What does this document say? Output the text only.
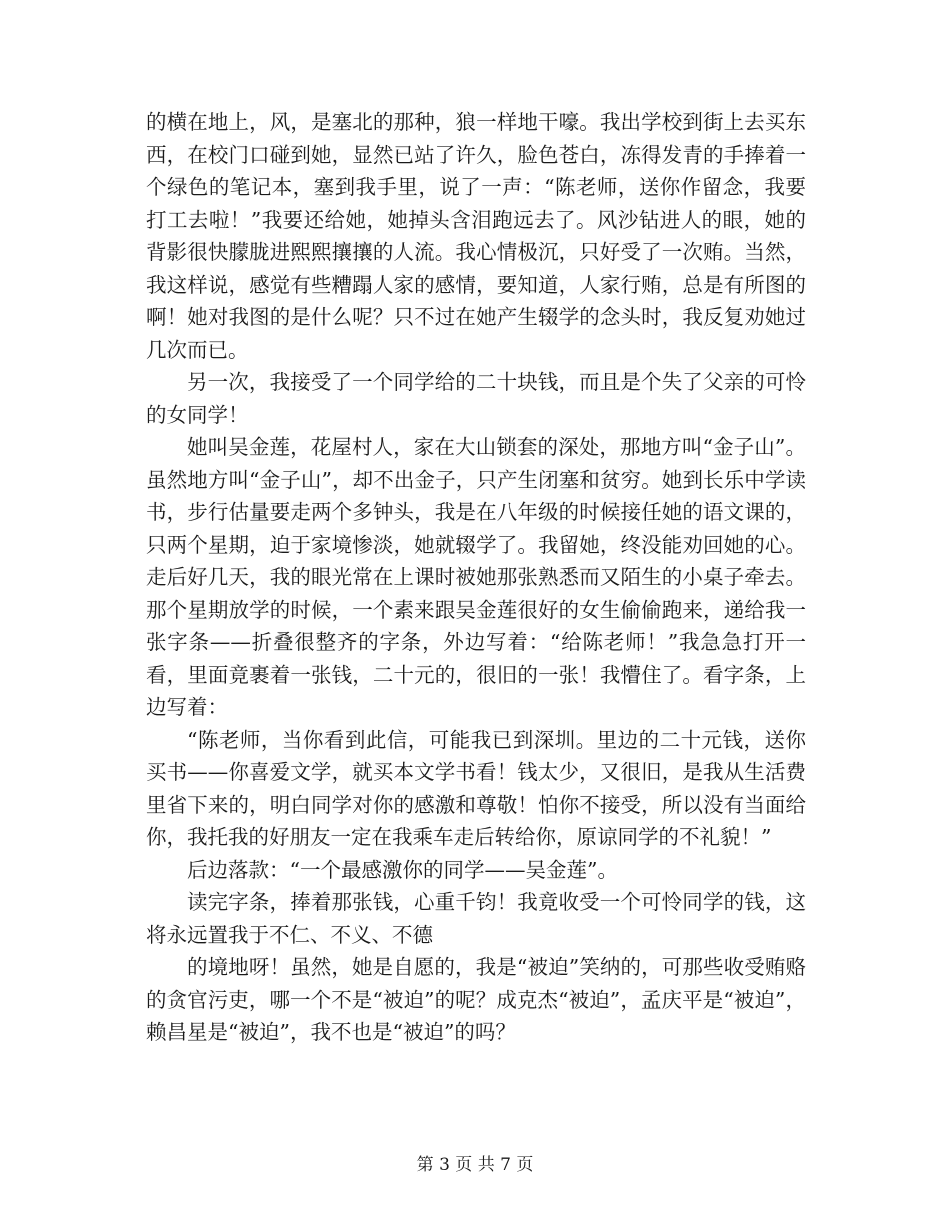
的横在地上，风，是塞北的那种，狼一样地干嚎。我出学校到街上去买东西，在校门口碰到她，显然已站了许久，脸色苍白，冻得发青的手捧着一个绿色的笔记本，塞到我手里，说了一声：“陈老师，送你作留念，我要打工去啦！”我要还给她，她掉头含泪跑远去了。风沙钻进人的眼，她的背影很快朦胧进熙熙攘攘的人流。我心情极沉，只好受了一次贿。当然，我这样说，感觉有些糟蹋人家的感情，要知道，人家行贿，总是有所图的啊！她对我图的是什么呢？只不过在她产生辍学的念头时，我反复劝她过几次而已。

另一次，我接受了一个同学给的二十块钱，而且是个失了父亲的可怜的女同学！

她叫吴金莲，花屋村人，家在大山锁套的深处，那地方叫“金子山”。虽然地方叫“金子山”，却不出金子，只产生闭塞和贫穷。她到长乐中学读书，步行估量要走两个多钟头，我是在八年级的时候接任她的语文课的，只两个星期，迫于家境惨淡，她就辍学了。我留她，终没能劝回她的心。走后好几天，我的眼光常在上课时被她那张熟悉而又陌生的小桌子牵去。那个星期放学的时候，一个素来跟吴金莲很好的女生偷偷跑来，递给我一张字条——折叠很整齐的字条，外边写着：“给陈老师！”我急急打开一看，里面竟裹着一张钱，二十元的，很旧的一张！我懵住了。看字条，上边写着：

“陈老师，当你看到此信，可能我已到深圳。里边的二十元钱，送你买书——你喜爱文学，就买本文学书看！钱太少，又很旧，是我从生活费里省下来的，明白同学对你的感激和尊敬！怕你不接受，所以没有当面给你，我托我的好朋友一定在我乘车走后转给你，原谅同学的不礼貌！”

后边落款：“一个最感激你的同学——吴金莲”。

读完字条，捧着那张钱，心重千钧！我竟收受一个可怜同学的钱，这将永远置我于不仁、不义、不德

的境地呀！虽然，她是自愿的，我是“被迫”笑纳的，可那些收受贿赂的贪官污吏，哪一个不是“被迫”的呢？成克杰“被迫”，孟庆平是“被迫”，赖昌星是“被迫”，我不也是“被迫”的吗？

第 3 页 共 7 页
